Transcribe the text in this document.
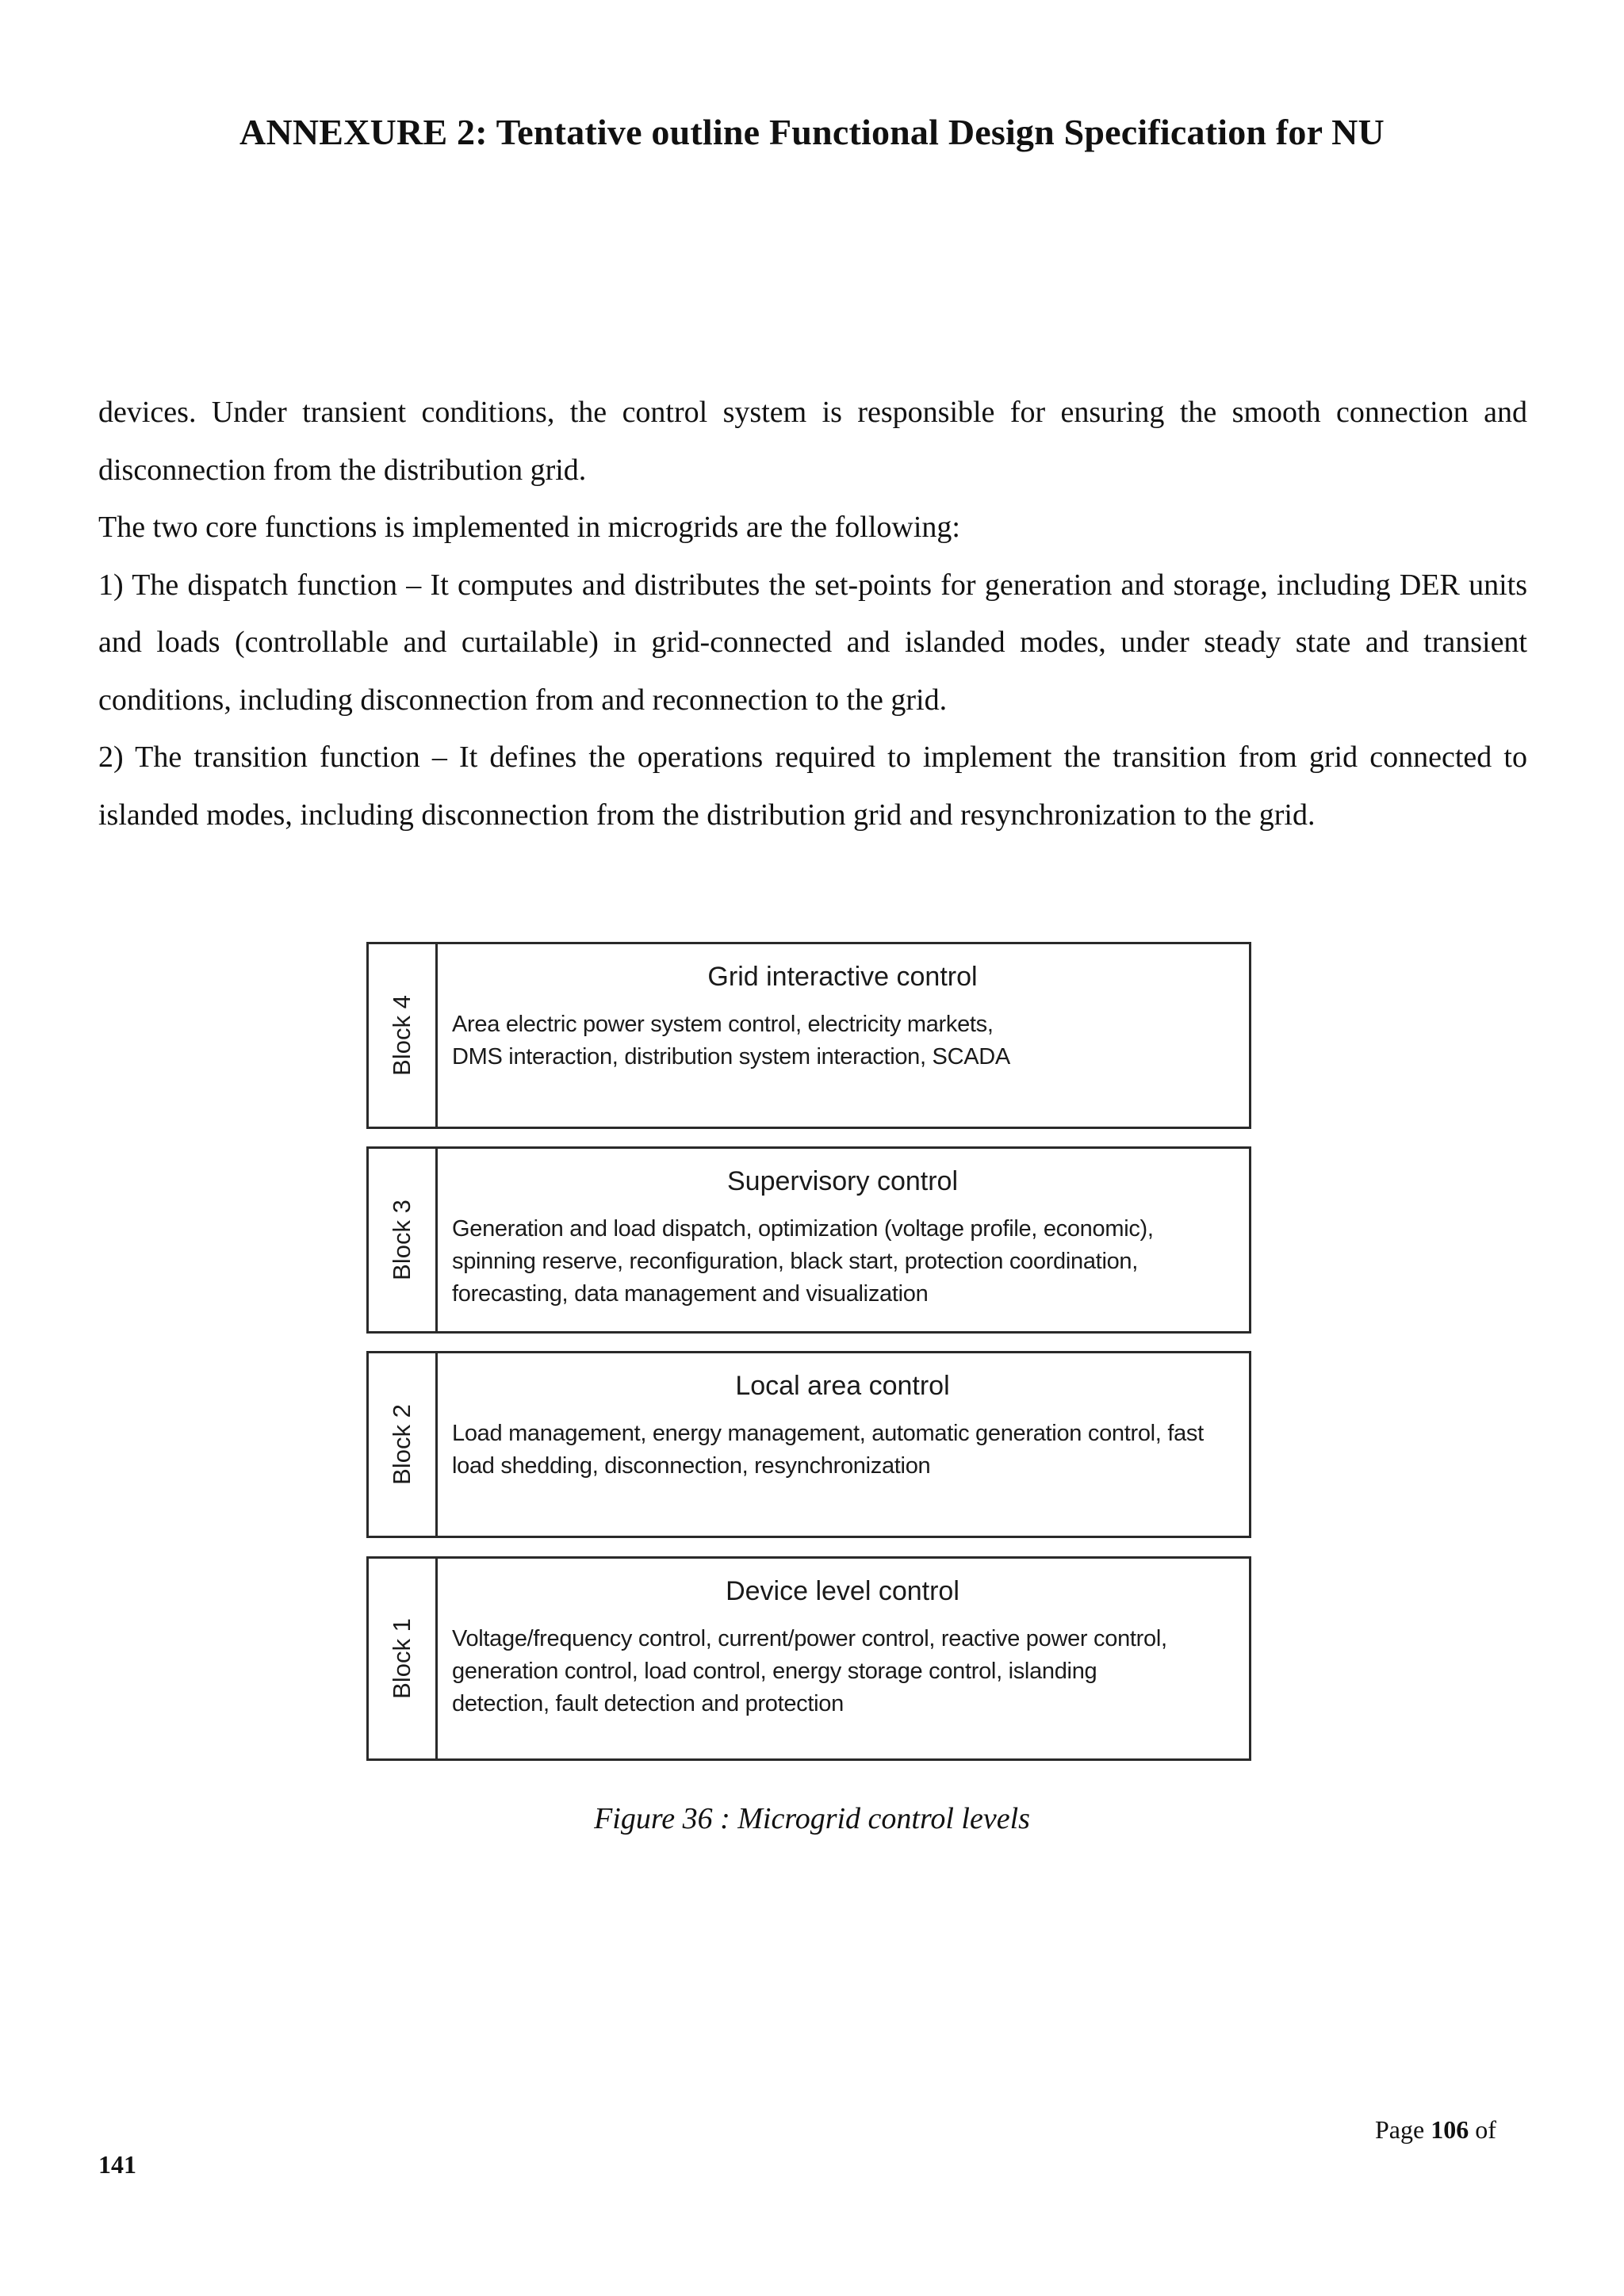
ANNEXURE 2: Tentative outline Functional Design Specification for NU

devices. Under transient conditions, the control system is responsible for ensuring the smooth connection and disconnection from the distribution grid.

The two core functions is implemented in microgrids are the following:

1) The dispatch function – It computes and distributes the set-points for generation and storage, including DER units and loads (controllable and curtailable) in grid-connected and islanded modes, under steady state and transient conditions, including disconnection from and reconnection to the grid.

2) The transition function – It defines the operations required to implement the transition from grid connected to islanded modes, including disconnection from the distribution grid and resynchronization to the grid.

Block 4
Grid interactive control
Area electric power system control, electricity markets, DMS interaction, distribution system interaction, SCADA
Block 3
Supervisory control
Generation and load dispatch, optimization (voltage profile, economic), spinning reserve, reconfiguration, black start, protection coordination, forecasting, data management and visualization
Block 2
Local area control
Load management, energy management, automatic generation control, fast load shedding, disconnection, resynchronization
Block 1
Device level control
Voltage/frequency control, current/power control, reactive power control, generation control, load control, energy storage control, islanding detection, fault detection and protection
Figure 36 : Microgrid control levels
Page 106 of
141
